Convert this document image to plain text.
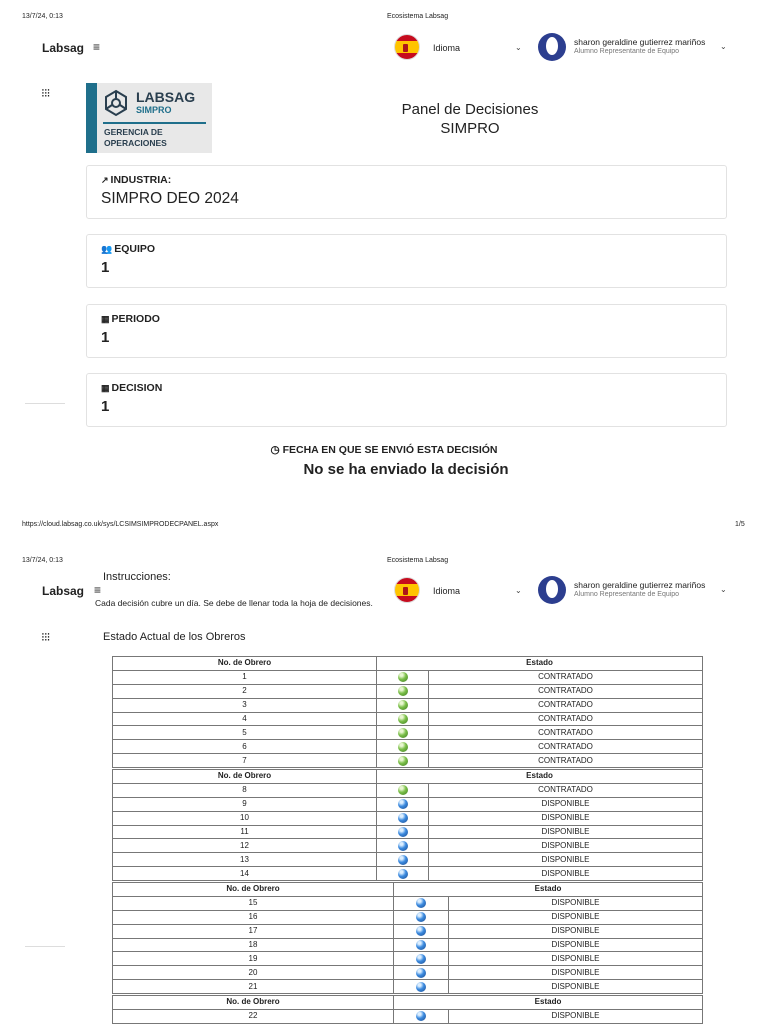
13/7/24, 0:13	Ecosistema Labsag
Labsag ≡	Idioma	⌄
sharon geraldine gutierrez mariños
Alumno Representante de Equipo
⌄
⁝⁝⁝	LABSAG
SIMPRO
GERENCIA DE
OPERACIONES
Panel de Decisiones
SIMPRO
↗ INDUSTRIA:
SIMPRO DEO 2024
👥 EQUIPO
1
▦ PERIODO
1
▦ DECISION
1
◷ FECHA EN QUE SE ENVIÓ ESTA DECISIÓN
No se ha enviado la decisión
https://cloud.labsag.co.uk/sys/LCSIMSIMPRODECPANEL.aspx	1/5
13/7/24, 0:13	Ecosistema Labsag
Labsag
Instrucciones:
≡
Cada decisión cubre un día. Se debe de llenar toda la hoja de decisiones.
Idioma	⌄
sharon geraldine gutierrez mariños
Alumno Representante de Equipo
⌄
⁝⁝⁝	Estado Actual de los Obreros
No. de Obrero	Estado	
1		CONTRATADO
2		CONTRATADO
3		CONTRATADO
4		CONTRATADO
5		CONTRATADO
6		CONTRATADO
7		CONTRATADO
No. de Obrero	Estado	
8		CONTRATADO
9		DISPONIBLE
10		DISPONIBLE
11		DISPONIBLE
12		DISPONIBLE
13		DISPONIBLE
14		DISPONIBLE
No. de Obrero	Estado	
15		DISPONIBLE
16		DISPONIBLE
17		DISPONIBLE
18		DISPONIBLE
19		DISPONIBLE
20		DISPONIBLE
21		DISPONIBLE
No. de Obrero	Estado	
22		DISPONIBLE
